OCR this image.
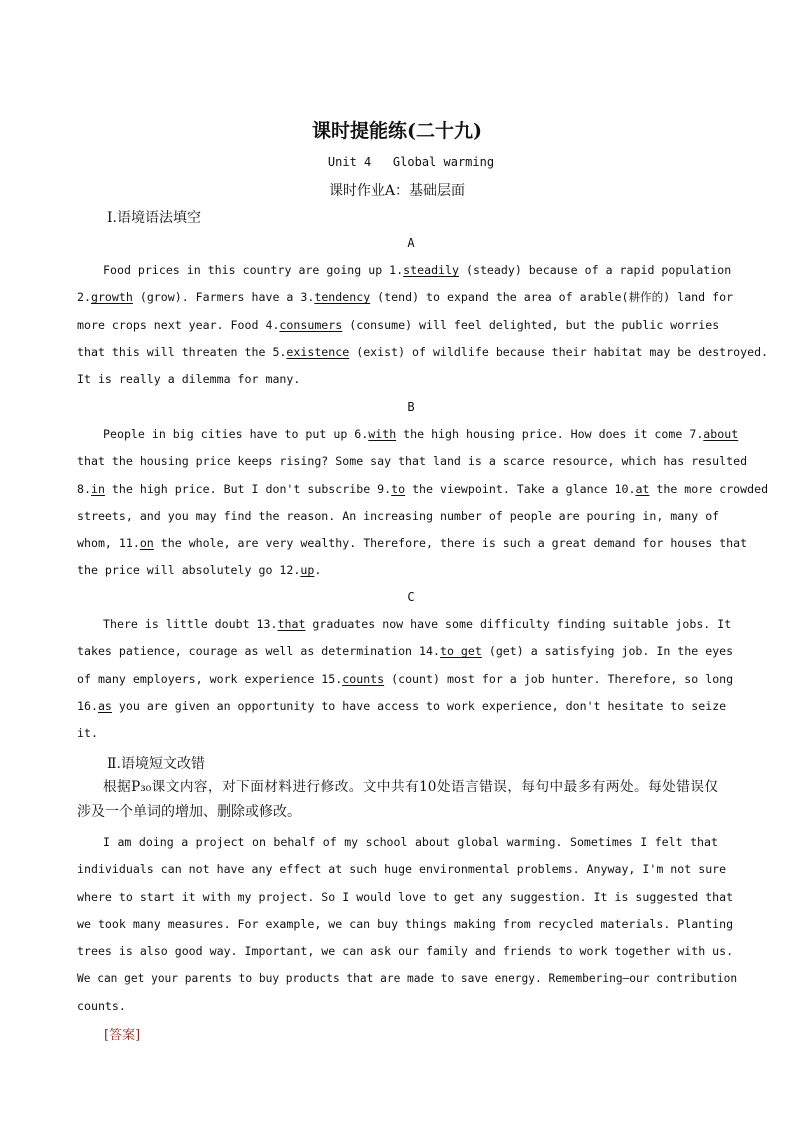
课时提能练(二十九)
Unit 4   Global warming
课时作业A：基础层面
Ⅰ.语境语法填空
A
Food prices in this country are going up 1.steadily (steady) because of a rapid population
2.growth (grow). Farmers have a 3.tendency (tend) to expand the area of arable(耕作的) land for
more crops next year. Food 4.consumers (consume) will feel delighted, but the public worries
that this will threaten the 5.existence (exist) of wildlife because their habitat may be destroyed.
It is really a dilemma for many.
B
People in big cities have to put up 6.with the high housing price. How does it come 7.about
that the housing price keeps rising? Some say that land is a scarce resource, which has resulted
8.in the high price. But I don't subscribe 9.to the viewpoint. Take a glance 10.at the more crowded
streets, and you may find the reason. An increasing number of people are pouring in, many of
whom, 11.on the whole, are very wealthy. Therefore, there is such a great demand for houses that
the price will absolutely go 12.up.
C
There is little doubt 13.that graduates now have some difficulty finding suitable jobs. It
takes patience, courage as well as determination 14.to get (get) a satisfying job. In the eyes
of many employers, work experience 15.counts (count) most for a job hunter. Therefore, so long
16.as you are given an opportunity to have access to work experience, don't hesitate to seize
it.
Ⅱ.语境短文改错
根据P₃₀课文内容，对下面材料进行修改。文中共有10处语言错误，每句中最多有两处。每处错误仅
涉及一个单词的增加、删除或修改。
I am doing a project on behalf of my school about global warming. Sometimes I felt that
individuals can not have any effect at such huge environmental problems. Anyway, I'm not sure
where to start it with my project. So I would love to get any suggestion. It is suggested that
we took many measures. For example, we can buy things making from recycled materials. Planting
trees is also good way. Important, we can ask our family and friends to work together with us.
We can get your parents to buy products that are made to save energy. Remembering—our contribution
counts.
[答案]
